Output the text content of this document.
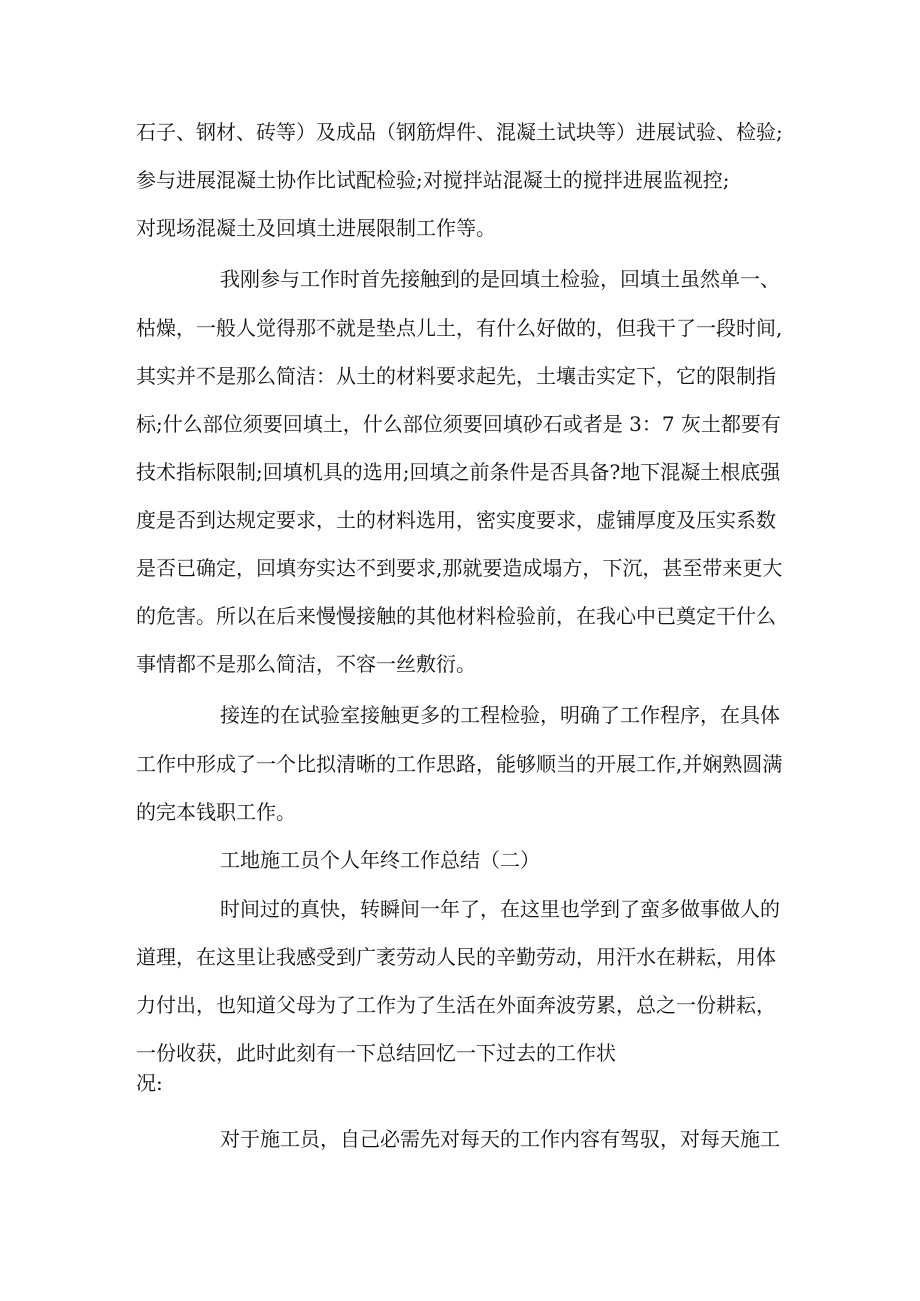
石子、钢材、砖等）及成品（钢筋焊件、混凝土试块等）进展试验、检验;
参与进展混凝土协作比试配检验;对搅拌站混凝土的搅拌进展监视控;
对现场混凝土及回填土进展限制工作等。
我刚参与工作时首先接触到的是回填土检验，回填土虽然单一、
枯燥，一般人觉得那不就是垫点儿土，有什么好做的，但我干了一段时间,
其实并不是那么简洁：从土的材料要求起先，土壤击实定下，它的限制指
标;什么部位须要回填土，什么部位须要回填砂石或者是 3：7 灰土都要有
技术指标限制;回填机具的选用;回填之前条件是否具备?地下混凝土根底强
度是否到达规定要求，土的材料选用，密实度要求，虚铺厚度及压实系数
是否已确定，回填夯实达不到要求,那就要造成塌方，下沉，甚至带来更大
的危害。所以在后来慢慢接触的其他材料检验前，在我心中已奠定干什么
事情都不是那么简洁，不容一丝敷衍。
接连的在试验室接触更多的工程检验，明确了工作程序，在具体
工作中形成了一个比拟清晰的工作思路，能够顺当的开展工作,并娴熟圆满
的完本钱职工作。
工地施工员个人年终工作总结（二）
时间过的真快，转瞬间一年了，在这里也学到了蛮多做事做人的
道理，在这里让我感受到广袤劳动人民的辛勤劳动，用汗水在耕耘，用体
力付出，也知道父母为了工作为了生活在外面奔波劳累，总之一份耕耘，
一份收获，此时此刻有一下总结回忆一下过去的工作状
况:
对于施工员，自己必需先对每天的工作内容有驾驭，对每天施工
